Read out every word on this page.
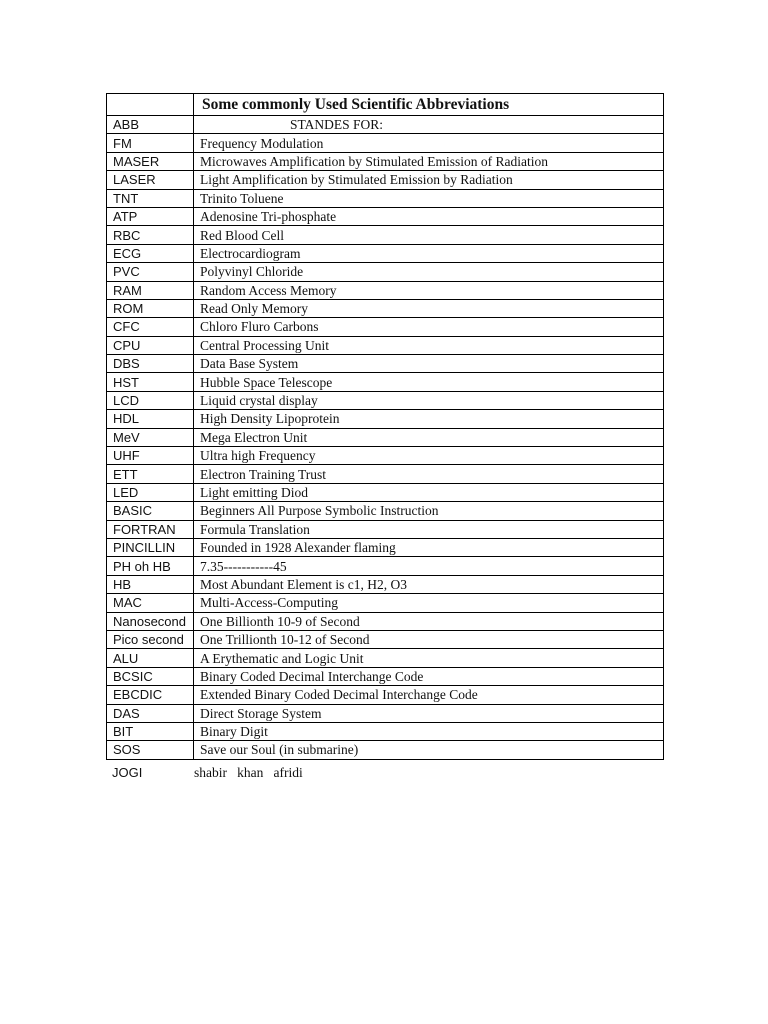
	Some commonly Used Scientific Abbreviations
ABB	STANDES FOR:
FM	Frequency Modulation
MASER	Microwaves Amplification by Stimulated Emission of Radiation
LASER	Light Amplification by Stimulated Emission by Radiation
TNT	Trinito Toluene
ATP	Adenosine Tri-phosphate
RBC	Red Blood Cell
ECG	Electrocardiogram
PVC	Polyvinyl Chloride
RAM	Random Access Memory
ROM	Read Only Memory
CFC	Chloro Fluro Carbons
CPU	Central Processing Unit
DBS	Data Base System
HST	Hubble Space Telescope
LCD	Liquid crystal display
HDL	High Density Lipoprotein
MeV	Mega Electron Unit
UHF	Ultra high Frequency
ETT	Electron Training Trust
LED	Light emitting Diod
BASIC	Beginners All Purpose Symbolic Instruction
FORTRAN	Formula Translation
PINCILLIN	Founded in 1928 Alexander flaming
PH oh HB	7.35-----------45
HB	Most Abundant Element is c1, H2, O3
MAC	Multi-Access-Computing
Nanosecond	One Billionth 10-9 of Second
Pico second	One Trillionth 10-12 of Second
ALU	A Erythematic and Logic Unit
BCSIC	Binary Coded Decimal Interchange Code
EBCDIC	Extended Binary Coded Decimal Interchange Code
DAS	Direct Storage System
BIT	Binary Digit
SOS	Save our Soul (in submarine)
JOGI	shabir   khan   afridi
